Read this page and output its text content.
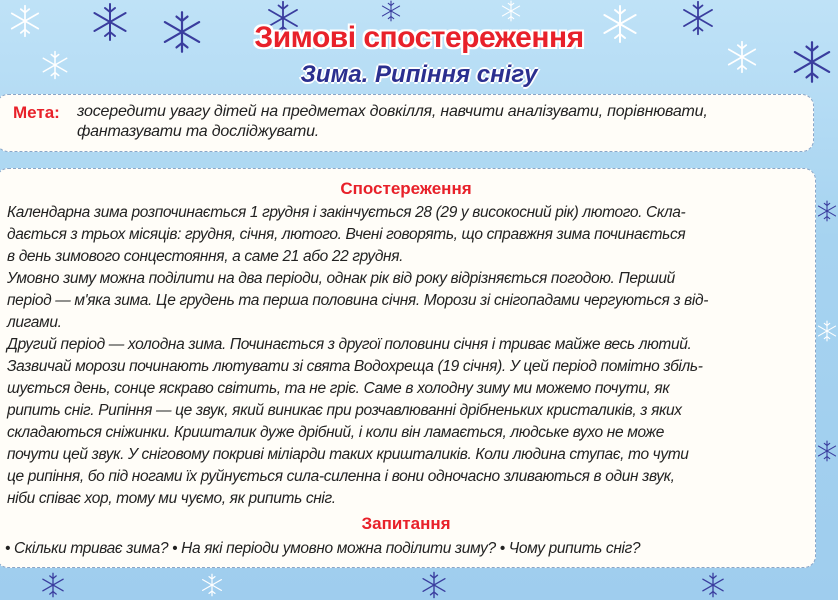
Зимові спостереження
Зима. Рипіння снігу
Мета: зосередити увагу дітей на предметах довкілля, навчити аналізувати, порівнювати,
фантазувати та досліджувати.
Спостереження
Календарна зима розпочинається 1 грудня і закінчується 28 (29 у високосний рік) лютого. Скла-
дається з трьох місяців: грудня, січня, лютого. Вчені говорять, що справжня зима починається
в день зимового сонцестояння, а саме 21 або 22 грудня.
Умовно зиму можна поділити на два періоди, однак рік від року відрізняється погодою. Перший
період — м'яка зима. Це грудень та перша половина січня. Морози зі снігопадами чергуються з від-
лигами.
Другий період — холодна зима. Починається з другої половини січня і триває майже весь лютий.
Зазвичай морози починають лютувати зі свята Водохреща (19 січня). У цей період помітно збіль-
шується день, сонце яскраво світить, та не гріє. Саме в холодну зиму ми можемо почути, як
рипить сніг. Рипіння — це звук, який виникає при розчавлюванні дрібненьких кристаликів, з яких
складаються сніжинки. Кришталик дуже дрібний, і коли він ламається, людське вухо не може
почути цей звук. У сніговому покриві міліарди таких кришталиків. Коли людина ступає, то чути
це рипіння, бо під ногами їх руйнується сила-силенна і вони одночасно зливаються в один звук,
ніби співає хор, тому ми чуємо, як рипить сніг.
Запитання
• Скільки триває зима? • На які періоди умовно можна поділити зиму? • Чому рипить сніг?
